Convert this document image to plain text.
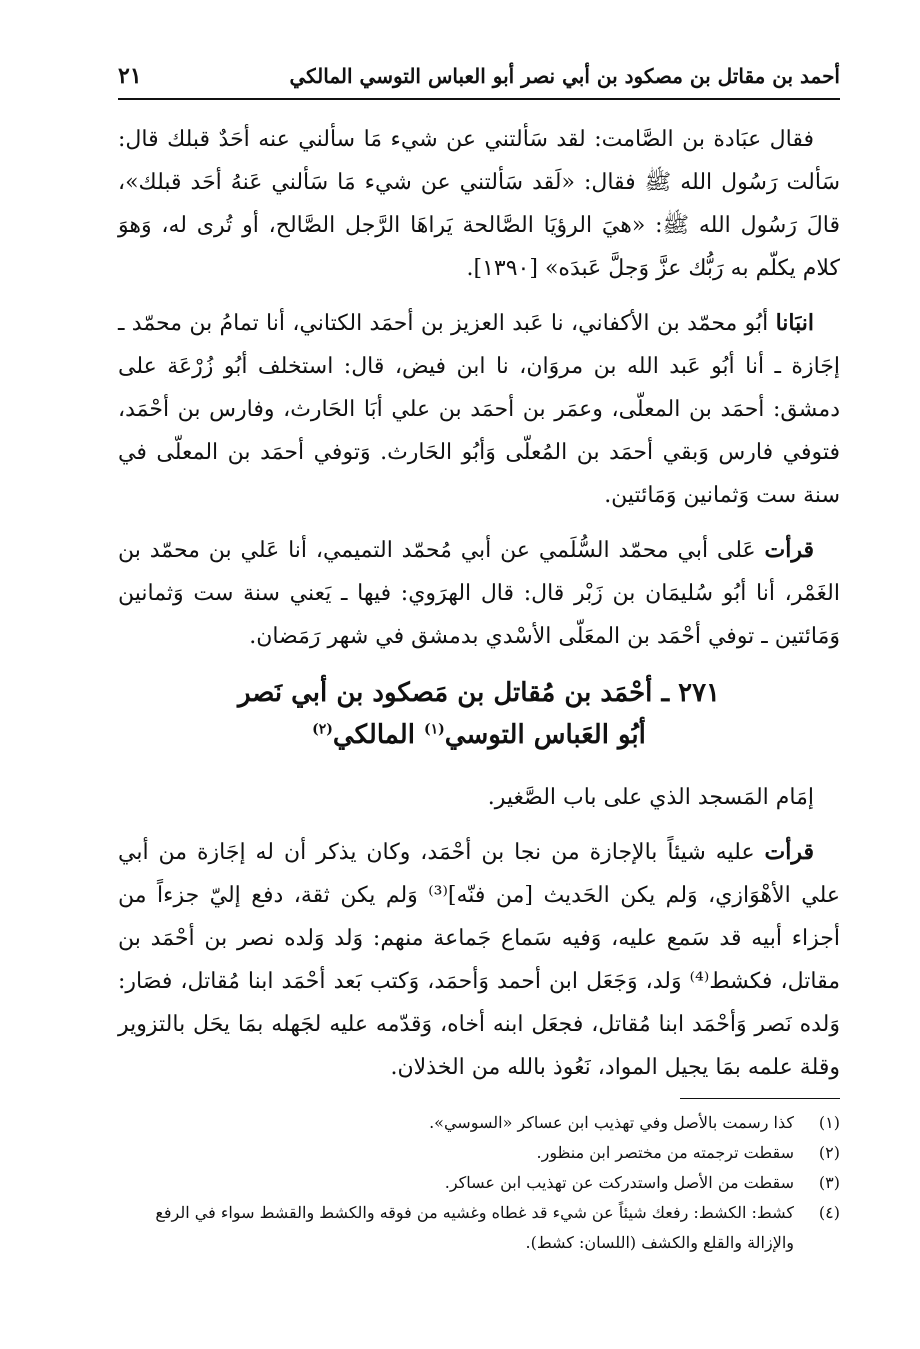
أحمد بن مقاتل بن مصكود بن أبي نصر أبو العباس التوسي المالكي
٢١

فقال عبَادة بن الصَّامت: لقد سَألتني عن شيء مَا سألني عنه أحَدٌ قبلك قال: سَألت رَسُول الله ﷺ فقال: «لَقد سَألتني عن شيء مَا سَألني عَنهُ أحَد قبلك»، قالَ رَسُول الله ﷺ: «هيَ الرؤيَا الصَّالحة يَراهَا الرَّجل الصَّالح، أو تُرى له، وَهوَ كلام يكلّم به رَبُّك عزَّ وَجلَّ عَبدَه» [١٣٩٠].

انبَانا أبُو محمّد بن الأكفاني، نا عَبد العزيز بن أحمَد الكتاني، أنا تمامُ بن محمّد ـ إجَازة ـ أنا أبُو عَبد الله بن مروَان، نا ابن فيض، قال: استخلف أبُو زُرْعَة على دمشق: أحمَد بن المعلّى، وعمَر بن أحمَد بن علي أبَا الحَارث، وفارس بن أحْمَد، فتوفي فارس وَبقي أحمَد بن المُعلّى وَأبُو الحَارث. وَتوفي أحمَد بن المعلّى في سنة ست وَثمانين وَمَائتين.

قرأت عَلى أبي محمّد السُّلَمي عن أبي مُحمّد التميمي، أنا عَلي بن محمّد بن الغَمْر، أنا أبُو سُليمَان بن زَبْر قال: قال الهرَوي: فيها ـ يَعني سنة ست وَثمانين وَمَائتين ـ توفي أحْمَد بن المعَلّى الأسْدي بدمشق في شهر رَمَضان.

٢٧١ ـ أحْمَد بن مُقاتل بن مَصكود بن أبي نَصر
أبُو العَباس التوسي$^{(١)}$ المالكي$^{(٢)}$

إمَام المَسجد الذي على باب الصَّغير.

قرأت عليه شيئاً بالإجازة من نجا بن أحْمَد، وكان يذكر أن له إجَازة من أبي علي الأهْوَازي، وَلم يكن الحَديث [من فنّه]⁽³⁾ وَلم يكن ثقة، دفع إليّ جزءاً من أجزاء أبيه قد سَمع عليه، وَفيه سَماع جَماعة منهم: وَلد وَلده نصر بن أحْمَد بن مقاتل، فكشط⁽⁴⁾ وَلد، وَجَعَل ابن أحمد وَأحمَد، وَكتب بَعد أحْمَد ابنا مُقاتل، فصَار: وَلده نَصر وَأحْمَد ابنا مُقاتل، فجعَل ابنه أخاه، وَقدّمه عليه لجَهله بمَا يحَل بالتزوير وقلة علمه بمَا يجيل المواد، نَعُوذ بالله من الخذلان.

(١)
كذا رسمت بالأصل وفي تهذيب ابن عساكر «السوسي».
(٢)
سقطت ترجمته من مختصر ابن منظور.
(٣)
سقطت من الأصل واستدركت عن تهذيب ابن عساكر.
(٤)
كشط: الكشط: رفعك شيئاً عن شيء قد غطاه وغشيه من فوقه والكشط والقشط سواء في الرفع والإزالة والقلع والكشف (اللسان: كشط).
